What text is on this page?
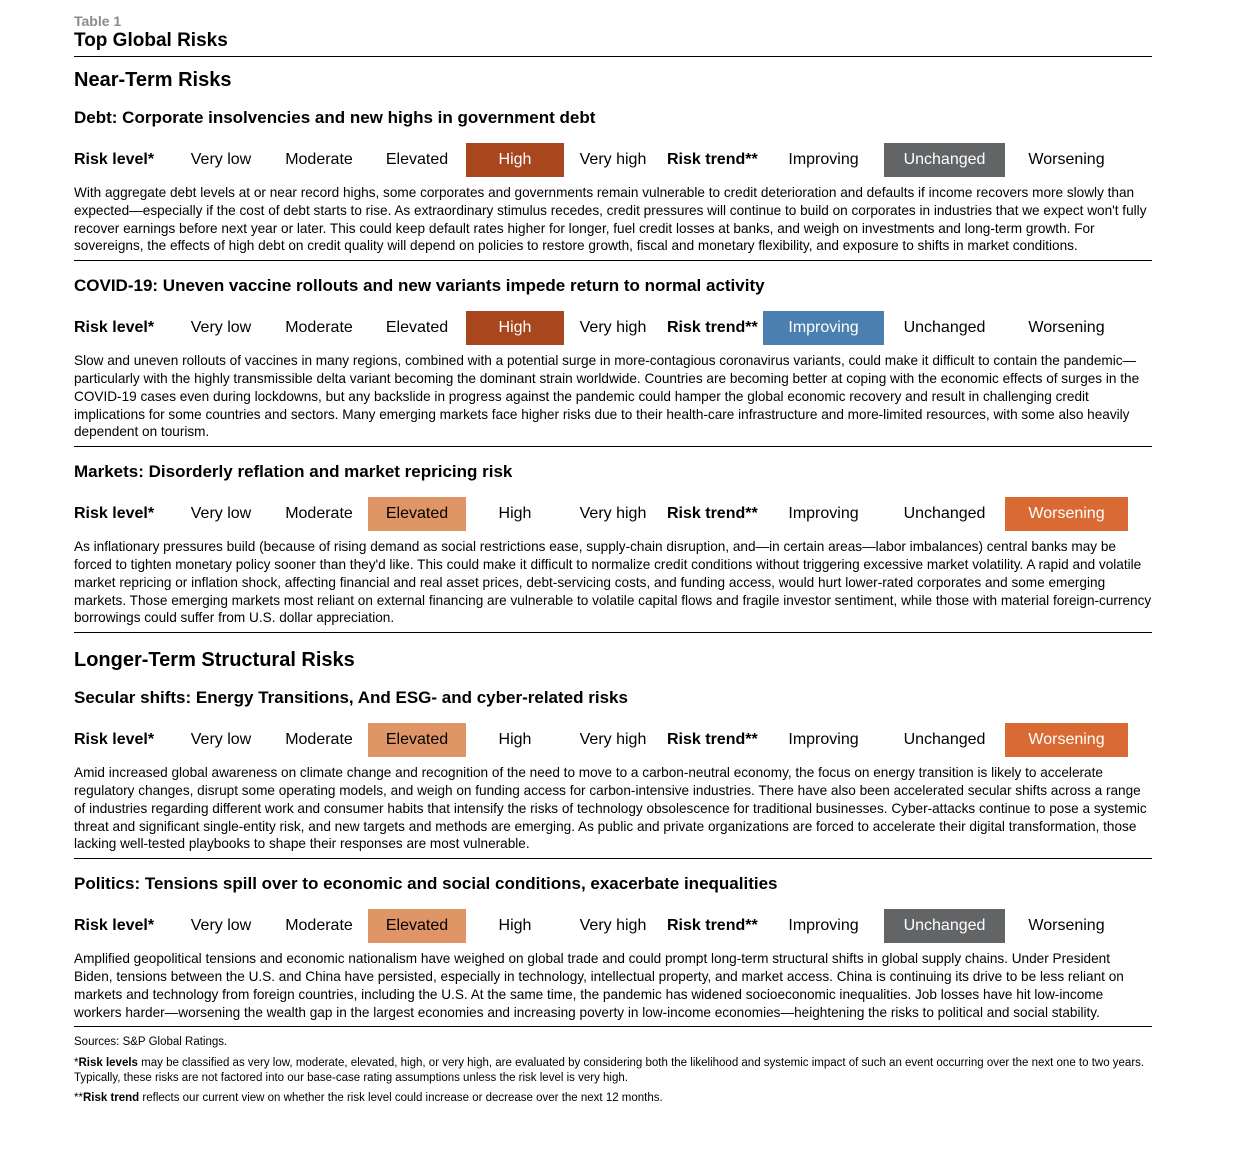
Table 1
Top Global Risks
Near-Term Risks
Debt: Corporate insolvencies and new highs in government debt
Risk level*	Very low	Moderate	Elevated	High	Very high	Risk trend**	Improving	Unchanged	Worsening
With aggregate debt levels at or near record highs, some corporates and governments remain vulnerable to credit deterioration and defaults if income recovers more slowly than expected—especially if the cost of debt starts to rise. As extraordinary stimulus recedes, credit pressures will continue to build on corporates in industries that we expect won't fully recover earnings before next year or later. This could keep default rates higher for longer, fuel credit losses at banks, and weigh on investments and long-term growth. For sovereigns, the effects of high debt on credit quality will depend on policies to restore growth, fiscal and monetary flexibility, and exposure to shifts in market conditions.
COVID-19: Uneven vaccine rollouts and new variants impede return to normal activity
Risk level*	Very low	Moderate	Elevated	High	Very high	Risk trend**	Improving	Unchanged	Worsening
Slow and uneven rollouts of vaccines in many regions, combined with a potential surge in more-contagious coronavirus variants, could make it difficult to contain the pandemic—particularly with the highly transmissible delta variant becoming the dominant strain worldwide. Countries are becoming better at coping with the economic effects of surges in the COVID-19 cases even during lockdowns, but any backslide in progress against the pandemic could hamper the global economic recovery and result in challenging credit implications for some countries and sectors. Many emerging markets face higher risks due to their health-care infrastructure and more-limited resources, with some also heavily dependent on tourism.
Markets: Disorderly reflation and market repricing risk
Risk level*	Very low	Moderate	Elevated	High	Very high	Risk trend**	Improving	Unchanged	Worsening
As inflationary pressures build (because of rising demand as social restrictions ease, supply-chain disruption, and—in certain areas—labor imbalances) central banks may be forced to tighten monetary policy sooner than they'd like. This could make it difficult to normalize credit conditions without triggering excessive market volatility. A rapid and volatile market repricing or inflation shock, affecting financial and real asset prices, debt-servicing costs, and funding access, would hurt lower-rated corporates and some emerging markets. Those emerging markets most reliant on external financing are vulnerable to volatile capital flows and fragile investor sentiment, while those with material foreign-currency borrowings could suffer from U.S. dollar appreciation.
Longer-Term Structural Risks
Secular shifts: Energy Transitions, And ESG- and cyber-related risks
Risk level*	Very low	Moderate	Elevated	High	Very high	Risk trend**	Improving	Unchanged	Worsening
Amid increased global awareness on climate change and recognition of the need to move to a carbon-neutral economy, the focus on energy transition is likely to accelerate regulatory changes, disrupt some operating models, and weigh on funding access for carbon-intensive industries. There have also been accelerated secular shifts across a range of industries regarding different work and consumer habits that intensify the risks of technology obsolescence for traditional businesses. Cyber-attacks continue to pose a systemic threat and significant single-entity risk, and new targets and methods are emerging. As public and private organizations are forced to accelerate their digital transformation, those lacking well-tested playbooks to shape their responses are most vulnerable.
Politics: Tensions spill over to economic and social conditions, exacerbate inequalities
Risk level*	Very low	Moderate	Elevated	High	Very high	Risk trend**	Improving	Unchanged	Worsening
Amplified geopolitical tensions and economic nationalism have weighed on global trade and could prompt long-term structural shifts in global supply chains. Under President Biden, tensions between the U.S. and China have persisted, especially in technology, intellectual property, and market access. China is continuing its drive to be less reliant on markets and technology from foreign countries, including the U.S. At the same time, the pandemic has widened socioeconomic inequalities. Job losses have hit low-income workers harder—worsening the wealth gap in the largest economies and increasing poverty in low-income economies—heightening the risks to political and social stability.
Sources: S&P Global Ratings.
*Risk levels may be classified as very low, moderate, elevated, high, or very high, are evaluated by considering both the likelihood and systemic impact of such an event occurring over the next one to two years. Typically, these risks are not factored into our base-case rating assumptions unless the risk level is very high.
**Risk trend reflects our current view on whether the risk level could increase or decrease over the next 12 months.
